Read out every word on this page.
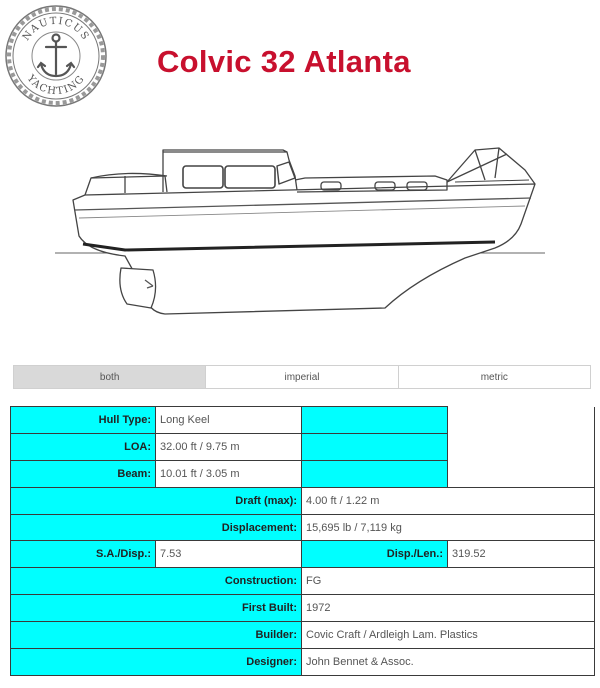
NAUTICUS
YACHTING
Colvic 32 Atlanta
both	imperial	metric
Hull Type:	Long Keel		
LOA:	32.00 ft / 9.75 m		
Beam:	10.01 ft / 3.05 m		
Draft (max):		4.00 ft / 1.22 m	
Displacement:		15,695 lb / 7,119 kg	
S.A./Disp.:	7.53	Disp./Len.:	319.52
Construction:		FG	
First Built:		1972	
Builder:		Covic Craft / Ardleigh Lam. Plastics	
Designer:		John Bennet & Assoc.	
